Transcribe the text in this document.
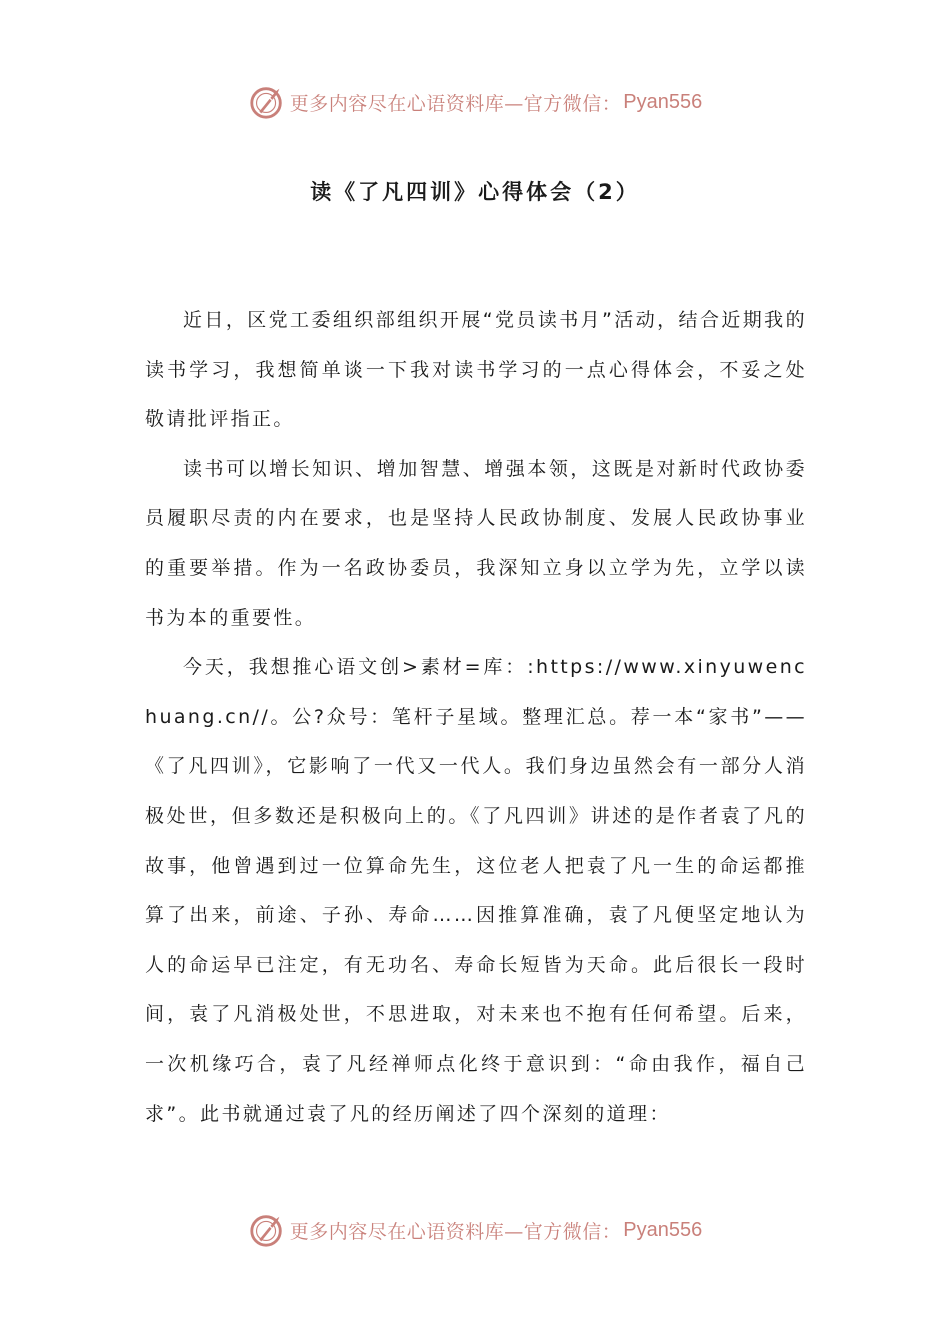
更多内容尽在心语资料库—官方微信： Pyan556
读《了凡四训》心得体会（2）

近日，区党工委组织部组织开展“党员读书月”活动，结合近期我的读书学习，我想简单谈一下我对读书学习的一点心得体会，不妥之处敬请批评指正。

读书可以增长知识、增加智慧、增强本领，这既是对新时代政协委员履职尽责的内在要求，也是坚持人民政协制度、发展人民政协事业的重要举措。作为一名政协委员，我深知立身以立学为先，立学以读书为本的重要性。

今天，我想推心语文创>素材=库：:https://www.xinyuwenchuang.cn//。公?众号：笔杆子星域。整理汇总。荐一本“家书”——《了凡四训》，它影响了一代又一代人。我们身边虽然会有一部分人消极处世，但多数还是积极向上的。《了凡四训》讲述的是作者袁了凡的故事，他曾遇到过一位算命先生，这位老人把袁了凡一生的命运都推算了出来，前途、子孙、寿命……因推算准确，袁了凡便坚定地认为人的命运早已注定，有无功名、寿命长短皆为天命。此后很长一段时间，袁了凡消极处世，不思进取，对未来也不抱有任何希望。后来，一次机缘巧合，袁了凡经禅师点化终于意识到：“命由我作，福自己求”。此书就通过袁了凡的经历阐述了四个深刻的道理：

更多内容尽在心语资料库—官方微信： Pyan556
